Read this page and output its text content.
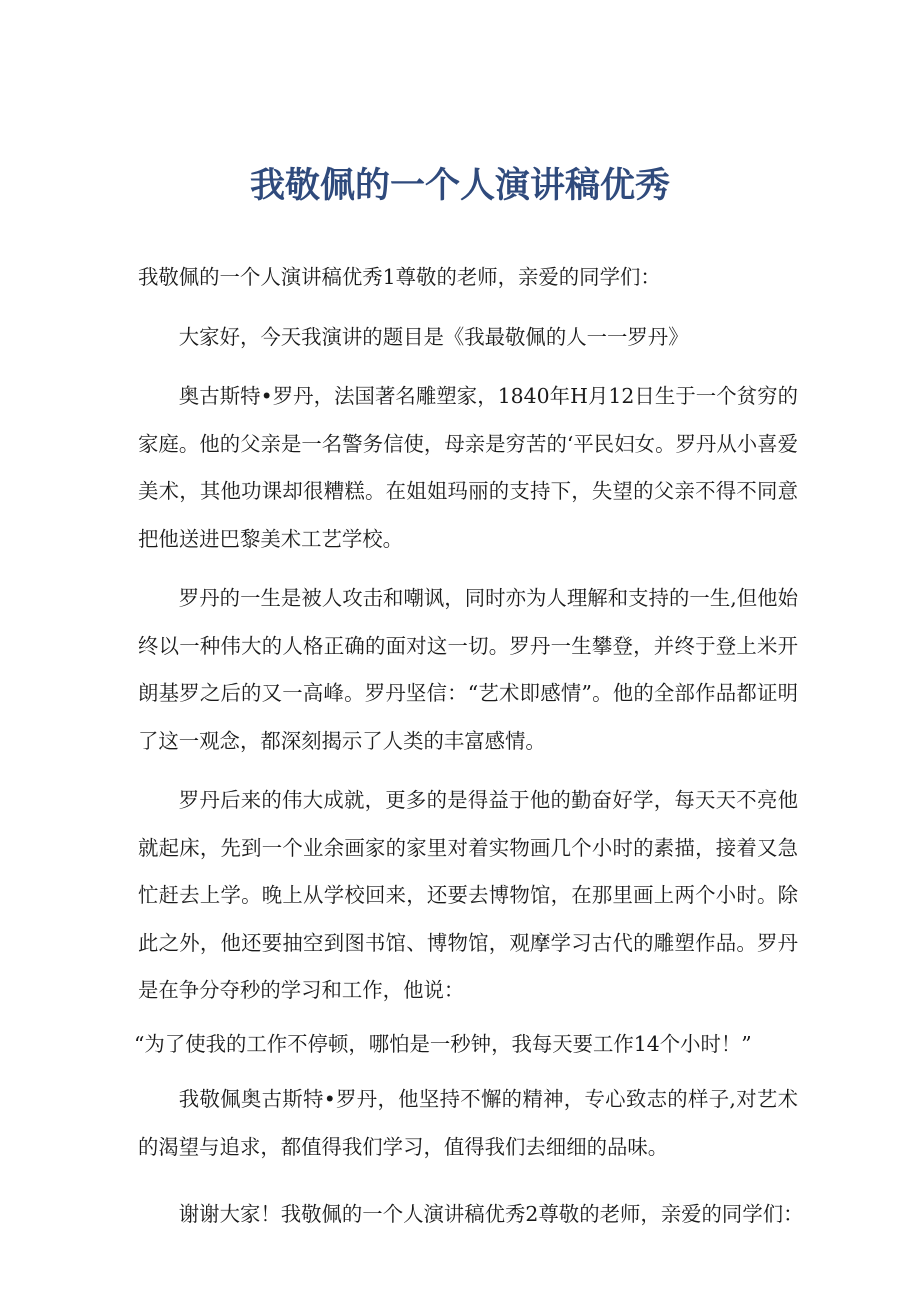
我敬佩的一个人演讲稿优秀

我敬佩的一个人演讲稿优秀1尊敬的老师，亲爱的同学们：

大家好，今天我演讲的题目是《我最敬佩的人一一罗丹》

奥古斯特•罗丹，法国著名雕塑家，1840年H月12日生于一个贫穷的家庭。他的父亲是一名警务信使，母亲是穷苦的‘平民妇女。罗丹从小喜爱美术，其他功课却很糟糕。在姐姐玛丽的支持下，失望的父亲不得不同意把他送进巴黎美术工艺学校。

罗丹的一生是被人攻击和嘲讽，同时亦为人理解和支持的一生,但他始终以一种伟大的人格正确的面对这一切。罗丹一生攀登，并终于登上米开朗基罗之后的又一高峰。罗丹坚信：“艺术即感情”。他的全部作品都证明了这一观念，都深刻揭示了人类的丰富感情。

罗丹后来的伟大成就，更多的是得益于他的勤奋好学，每天天不亮他就起床，先到一个业余画家的家里对着实物画几个小时的素描，接着又急忙赶去上学。晚上从学校回来，还要去博物馆，在那里画上两个小时。除此之外，他还要抽空到图书馆、博物馆，观摩学习古代的雕塑作品。罗丹是在争分夺秒的学习和工作，他说：

“为了使我的工作不停顿，哪怕是一秒钟，我每天要工作14个小时！”

我敬佩奥古斯特•罗丹，他坚持不懈的精神，专心致志的样子,对艺术的渴望与追求，都值得我们学习，值得我们去细细的品味。

谢谢大家！我敬佩的一个人演讲稿优秀2尊敬的老师，亲爱的同学们：
